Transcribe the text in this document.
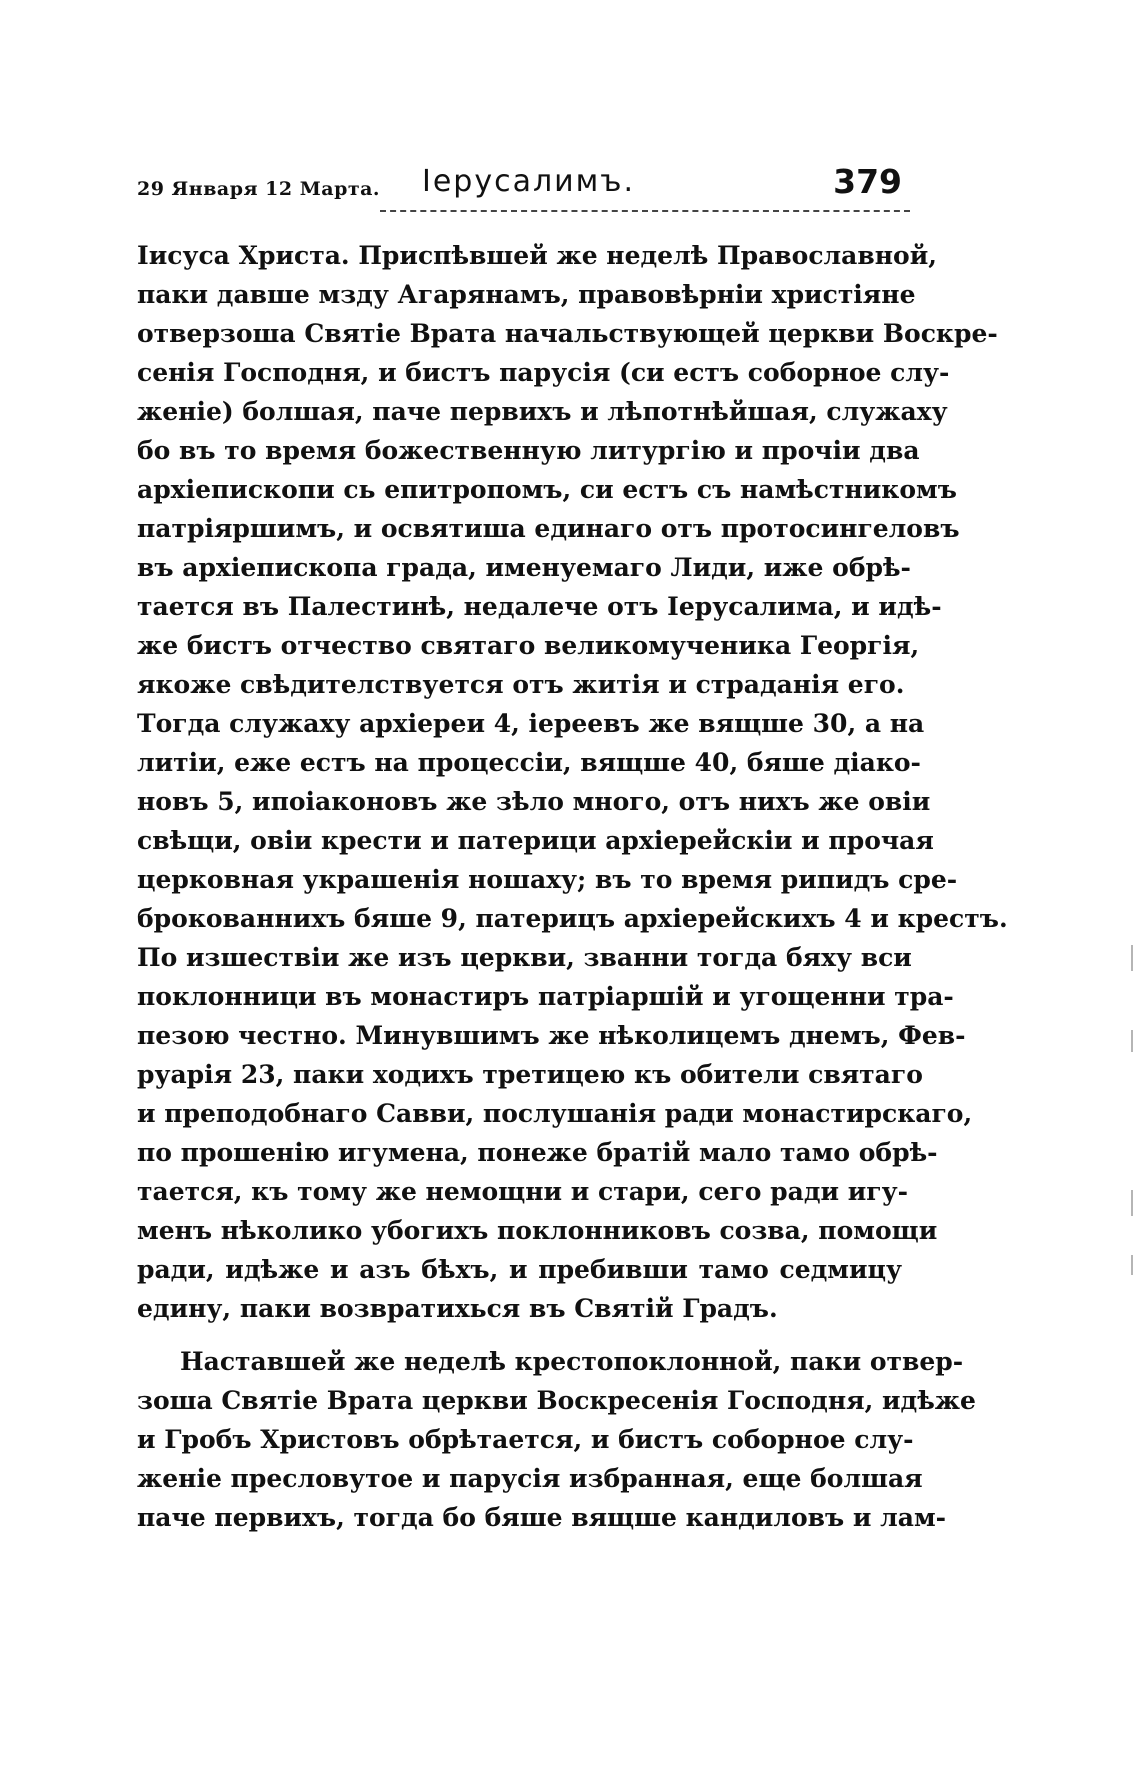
29 Января 12 Марта. Іерусалимъ.	379
Іисуса Христа. Приспѣвшей же неделѣ Православной,
паки давше мзду Агарянамъ, правовѣрніи христіяне
отверзоша Святіе Врата начальствующей церкви Воскре-
сенія Господня, и бистъ парусія (си естъ соборное слу-
женіе) болшая, паче первихъ и лѣпотнѣйшая, служаху
бо въ то время божественную литургію и прочіи два
архіепископи сь епитропомъ, си естъ съ намѣстникомъ
патріяршимъ, и освятиша единаго отъ протосингеловъ
въ архіепископа града, именуемаго Лиди, иже обрѣ-
тается въ Палестинѣ, недалече отъ Іерусалима, и идѣ-
же бистъ отчество святаго великомученика Георгія,
якоже свѣдителствуется отъ житія и страданія его.
Тогда служаху архіереи 4, іереевъ же вящше 30, а на
литіи, еже естъ на процессіи, вящше 40, бяше діако-
новъ 5, ипоіаконовъ же зѣло много, отъ нихъ же овіи
свѣщи, овіи крести и патерици архіерейскіи и прочая
церковная украшенія ношаху; въ то время рипидъ сре-
брокованнихъ бяше 9, патерицъ архіерейскихъ 4 и крестъ.
По изшествіи же изъ церкви, званни тогда бяху вси
поклонници въ монастиръ патріаршій и угощенни тра-
пезою честно. Минувшимъ же нѣколицемъ днемъ, Фев-
руарія 23, паки ходихъ третицею къ обители святаго
и преподобнаго Савви, послушанія ради монастирскаго,
по прошенію игумена, понеже братій мало тамо обрѣ-
тается, къ тому же немощни и стари, сего ради игу-
менъ нѣколико убогихъ поклонниковъ созва, помощи
ради, идѣже и азъ бѣхъ, и пребивши тамо седмицу
едину, паки возвратихься въ Святій Градъ.
Наставшей же неделѣ крестопоклонной, паки отвер-
зоша Святіе Врата церкви Воскресенія Господня, идѣже
и Гробъ Христовъ обрѣтается, и бистъ соборное слу-
женіе пресловутое и парусія избранная, еще болшая
паче первихъ, тогда бо бяше вящше кандиловъ и лам-
